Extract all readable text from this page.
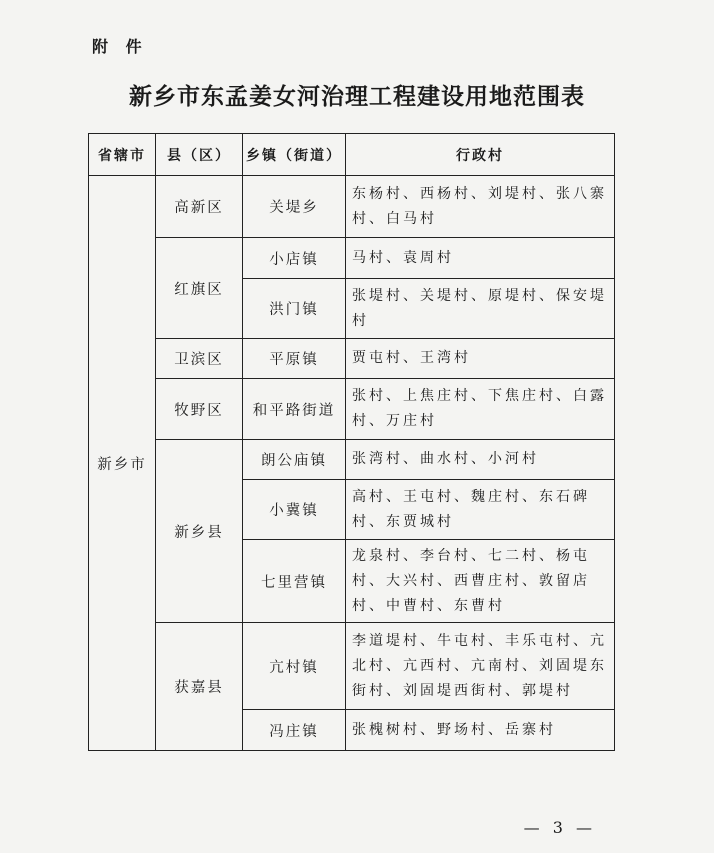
附 件
新乡市东孟姜女河治理工程建设用地范围表
省辖市	县（区）	乡镇（街道）	行政村
新乡市	高新区	关堤乡	东杨村、西杨村、刘堤村、张八寨村、白马村
	红旗区	小店镇	马村、袁周村
		洪门镇	张堤村、关堤村、原堤村、保安堤村
	卫滨区	平原镇	贾屯村、王湾村
	牧野区	和平路街道	张村、上焦庄村、下焦庄村、白露村、万庄村
	新乡县	朗公庙镇	张湾村、曲水村、小河村
		小冀镇	高村、王屯村、魏庄村、东石碑村、东贾城村
		七里营镇	龙泉村、李台村、七二村、杨屯村、大兴村、西曹庄村、敦留店村、中曹村、东曹村
	获嘉县	亢村镇	李道堤村、牛屯村、丰乐屯村、亢北村、亢西村、亢南村、刘固堤东街村、刘固堤西街村、郭堤村
		冯庄镇	张槐树村、野场村、岳寨村
— 3 —
